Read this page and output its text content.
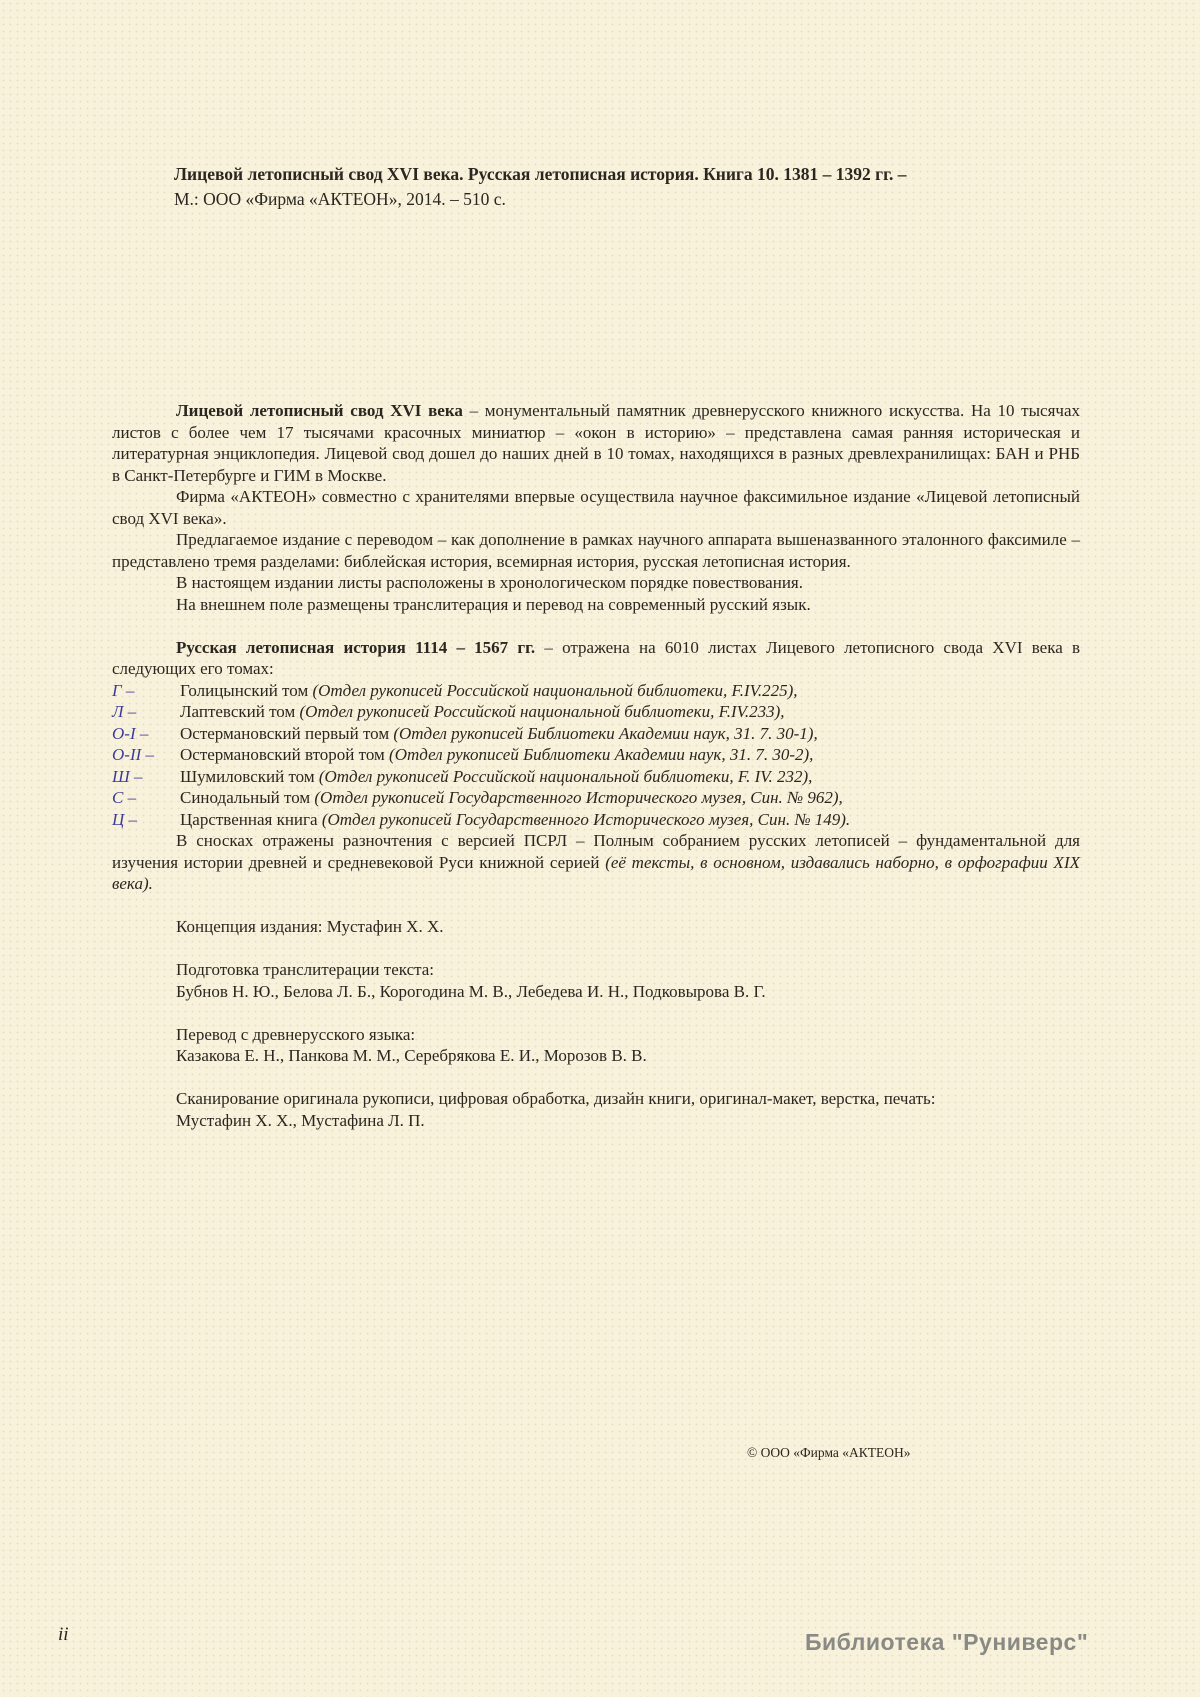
Лицевой летописный свод XVI века. Русская летописная история. Книга 10. 1381 – 1392 гг. –
М.: ООО «Фирма «АКТЕОН», 2014. – 510 с.

Лицевой летописный свод XVI века – монументальный памятник древнерусского книжного искусства. На 10 тысячах листов с более чем 17 тысячами красочных миниатюр – «окон в историю» – представлена самая ранняя историческая и литературная энциклопедия. Лицевой свод дошел до наших дней в 10 томах, находящихся в разных древлехранилищах: БАН и РНБ в Санкт-Петербурге и ГИМ в Москве.

Фирма «АКТЕОН» совместно с хранителями впервые осуществила научное факсимильное издание «Лицевой летописный свод XVI века».

Предлагаемое издание с переводом – как дополнение в рамках научного аппарата вышеназванного эталонного факсимиле – представлено тремя разделами: библейская история, всемирная история, русская летописная история.

В настоящем издании листы расположены в хронологическом порядке повествования.

На внешнем поле размещены транслитерация и перевод на современный русский язык.

Русская летописная история 1114 – 1567 гг. – отражена на 6010 листах Лицевого летописного свода XVI века в следующих его томах:

Г –	Голицынский том (Отдел рукописей Российской национальной библиотеки, F.IV.225),
Л –	Лаптевский том (Отдел рукописей Российской национальной библиотеки, F.IV.233),
О-I –	Остермановский первый том (Отдел рукописей Библиотеки Академии наук, 31. 7. 30-1),
О-II –	Остермановский второй том (Отдел рукописей Библиотеки Академии наук, 31. 7. 30-2),
Ш –	Шумиловский том (Отдел рукописей Российской национальной библиотеки, F. IV. 232),
С –	Синодальный том (Отдел рукописей Государственного Исторического музея, Син. № 962),
Ц –	Царственная книга (Отдел рукописей Государственного Исторического музея, Син. № 149).

В сносках отражены разночтения с версией ПСРЛ – Полным собранием русских летописей – фундаментальной для изучения истории древней и средневековой Руси книжной серией (её тексты, в основном, издавались наборно, в орфографии XIX века).

Концепция издания: Мустафин Х. Х.

Подготовка транслитерации текста:

Бубнов Н. Ю., Белова Л. Б., Корогодина М. В., Лебедева И. Н., Подковырова В. Г.

Перевод с древнерусского языка:

Казакова Е. Н., Панкова М. М., Серебрякова Е. И., Морозов В. В.

Сканирование оригинала рукописи, цифровая обработка, дизайн книги, оригинал-макет, верстка, печать:

Мустафин Х. Х., Мустафина Л. П.

© ООО «Фирма «АКТЕОН»
ii	Библиотека "Руниверс"
